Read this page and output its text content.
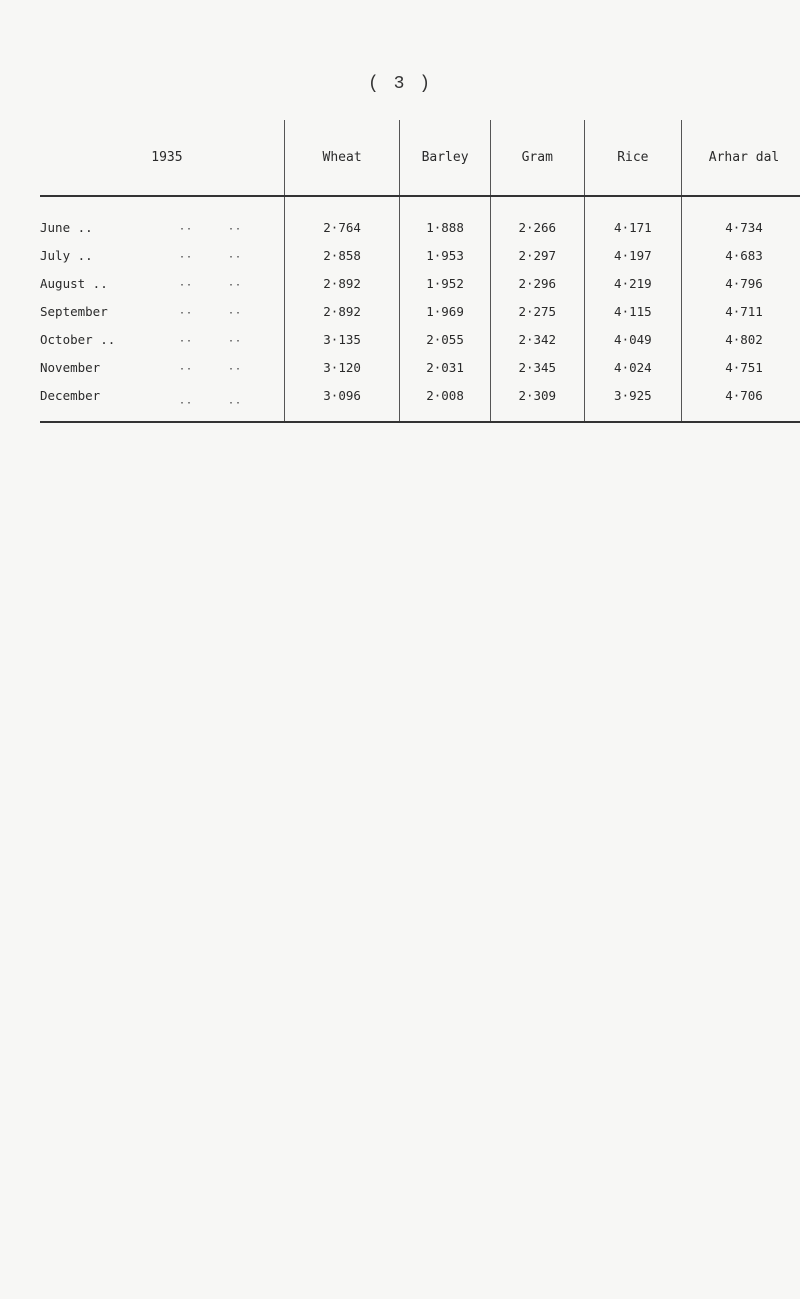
( 3 )
1935	Wheat	Barley	Gram	Rice	Arhar dal
June .. .. ..	2·764	1·888	2·266	4·171	4·734
July .. .. ..	2·858	1·953	2·297	4·197	4·683
August .. .. ..	2·892	1·952	2·296	4·219	4·796
September .. ..	2·892	1·969	2·275	4·115	4·711
October .. .. ..	3·135	2·055	2·342	4·049	4·802
November .. ..	3·120	2·031	2·345	4·024	4·751
December .. ..	3·096	2·008	2·309	3·925	4·706
